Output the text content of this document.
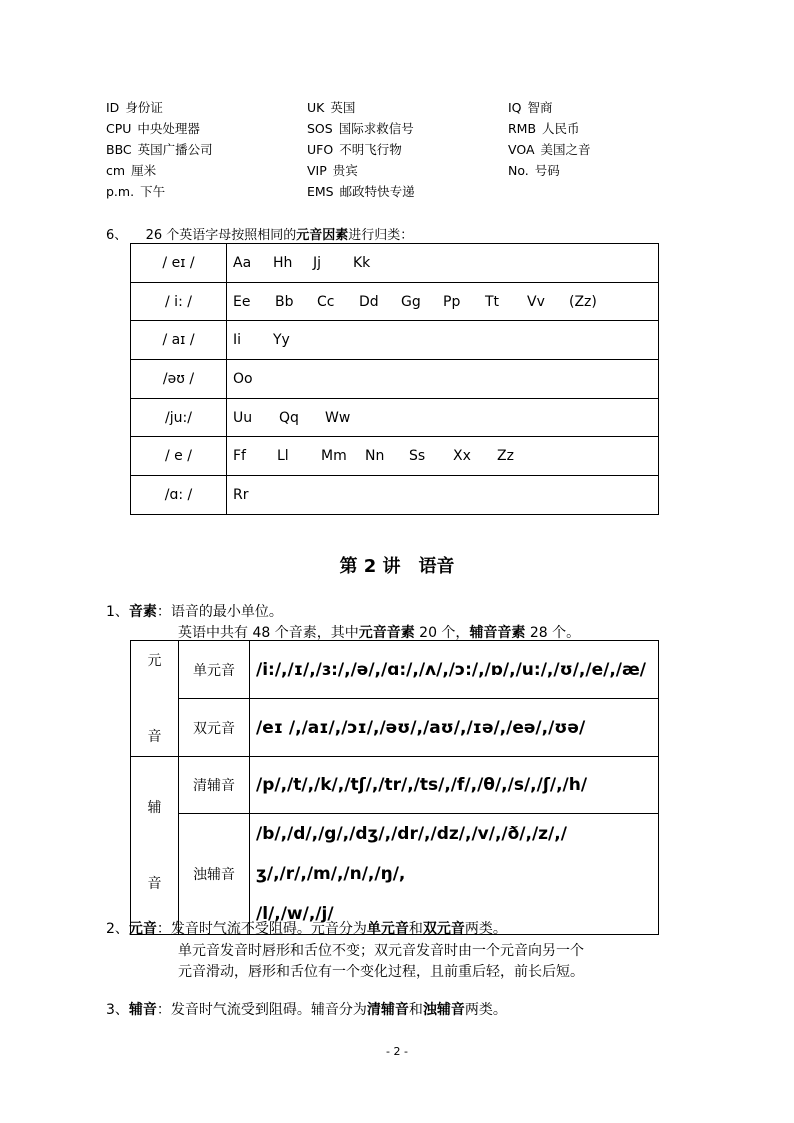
ID 身份证	UK 英国	IQ 智商
CPU 中央处理器	SOS 国际求救信号	RMB 人民币
BBC 英国广播公司	UFO 不明飞行物	VOA 美国之音
cm 厘米	VIP 贵宾	No. 号码
p.m. 下午	EMS 邮政特快专递
6、 26 个英语字母按照相同的元音因素进行归类：
/ eɪ /	Aa Hh Jj Kk
/ i: /	Ee Bb Cc Dd Gg Pp Tt Vv (Zz)
/ aɪ /	Ii Yy
/əʊ /	Oo
/ju:/	Uu Qq Ww
/ e /	Ff Ll Mm Nn Ss Xx Zz
/ɑ: /	Rr
第 2 讲　语音
1、音素：语音的最小单位。
英语中共有 48 个音素，其中元音音素 20 个，辅音音素 28 个。
元

音	单元音	/i:/,/ɪ/,/ɜ:/,/ə/,/ɑ:/,/ʌ/,/ɔ:/,/ɒ/,/u:/,/ʊ/,/e/,/æ/
	双元音	/eɪ /,/aɪ/,/ɔɪ/,/əʊ/,/aʊ/,/ɪə/,/eə/,/ʊə/
辅

音	清辅音	/p/,/t/,/k/,/tʃ/,/tr/,/ts/,/f/,/θ/,/s/,/ʃ/,/h/
	浊辅音	/b/,/d/,/g/,/dʒ/,/dr/,/dz/,/v/,/ð/,/z/,/ʒ/,/r/,/m/,/n/,/ŋ/,
/l/,/w/,/j/
2、元音：发音时气流不受阻碍。元音分为单元音和双元音两类。
单元音发音时唇形和舌位不变；双元音发音时由一个元音向另一个
元音滑动，唇形和舌位有一个变化过程，且前重后轻，前长后短。
3、辅音：发音时气流受到阻碍。辅音分为清辅音和浊辅音两类。
- 2 -
